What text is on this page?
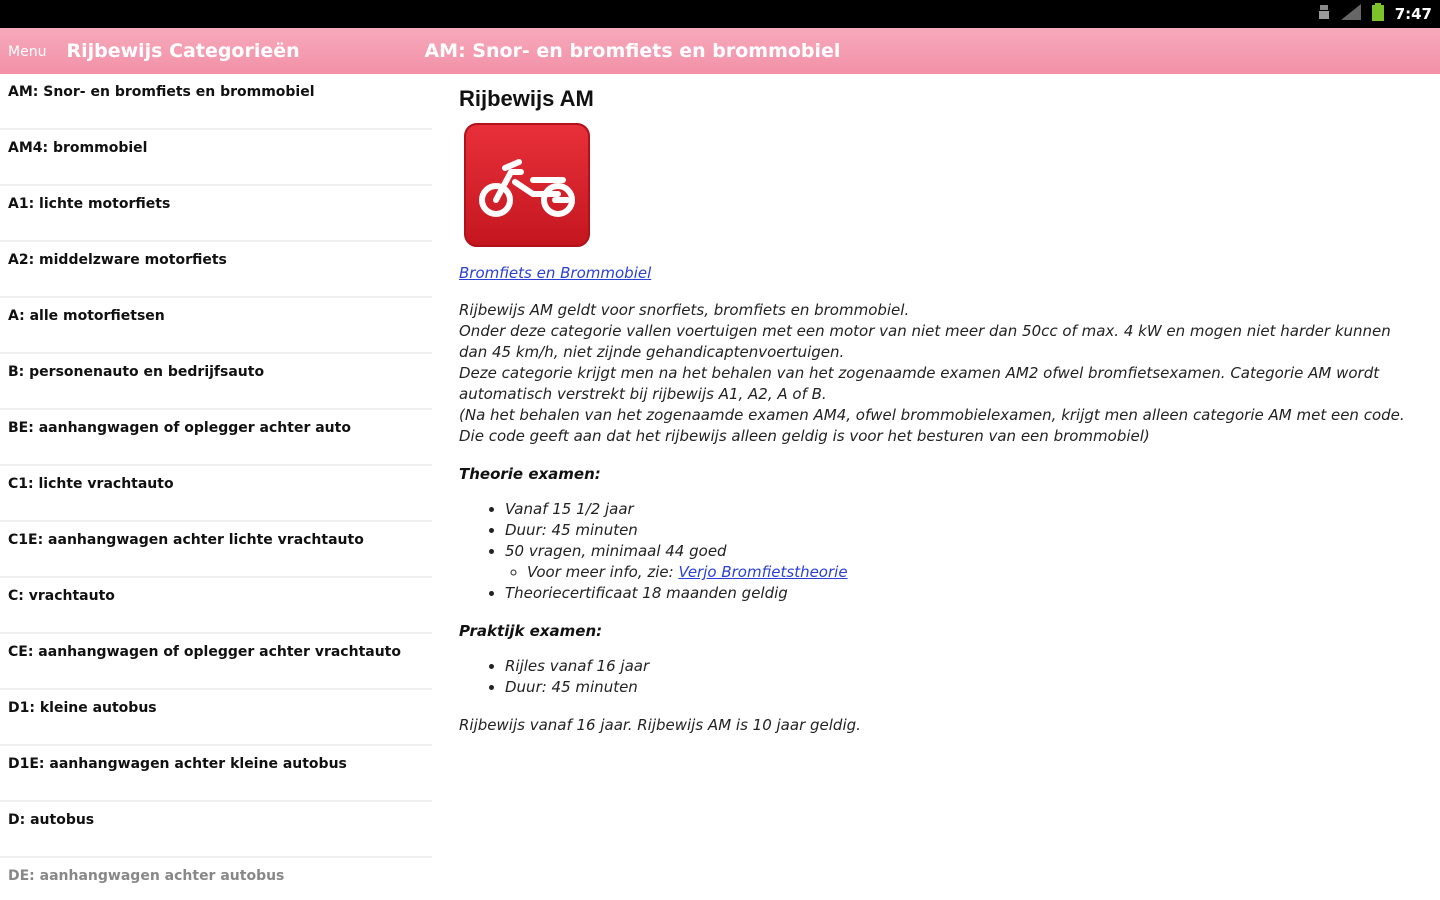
7:47
Menu	Rijbewijs Categorieën	AM: Snor- en bromfiets en brommobiel
AM: Snor- en bromfiets en brommobiel
AM4: brommobiel
A1: lichte motorfiets
A2: middelzware motorfiets
A: alle motorfietsen
B: personenauto en bedrijfsauto
BE: aanhangwagen of oplegger achter auto
C1: lichte vrachtauto
C1E: aanhangwagen achter lichte vrachtauto
C: vrachtauto
CE: aanhangwagen of oplegger achter vrachtauto
D1: kleine autobus
D1E: aanhangwagen achter kleine autobus
D: autobus
DE: aanhangwagen achter autobus
Rijbewijs AM
Bromfiets en Brommobiel
Rijbewijs AM geldt voor snorfiets, bromfiets en brommobiel.
Onder deze categorie vallen voertuigen met een motor van niet meer dan 50cc of max. 4 kW en mogen niet harder kunnen dan 45 km/h, niet zijnde gehandicaptenvoertuigen.
Deze categorie krijgt men na het behalen van het zogenaamde examen AM2 ofwel bromfietsexamen. Categorie AM wordt automatisch verstrekt bij rijbewijs A1, A2, A of B.
(Na het behalen van het zogenaamde examen AM4, ofwel brommobielexamen, krijgt men alleen categorie AM met een code. Die code geeft aan dat het rijbewijs alleen geldig is voor het besturen van een brommobiel)
Theorie examen:
• Vanaf 15 1/2 jaar
• Duur: 45 minuten
• 50 vragen, minimaal 44 goed
◦ Voor meer info, zie: Verjo Bromfietstheorie
• Theoriecertificaat 18 maanden geldig
Praktijk examen:
• Rijles vanaf 16 jaar
• Duur: 45 minuten
Rijbewijs vanaf 16 jaar. Rijbewijs AM is 10 jaar geldig.
